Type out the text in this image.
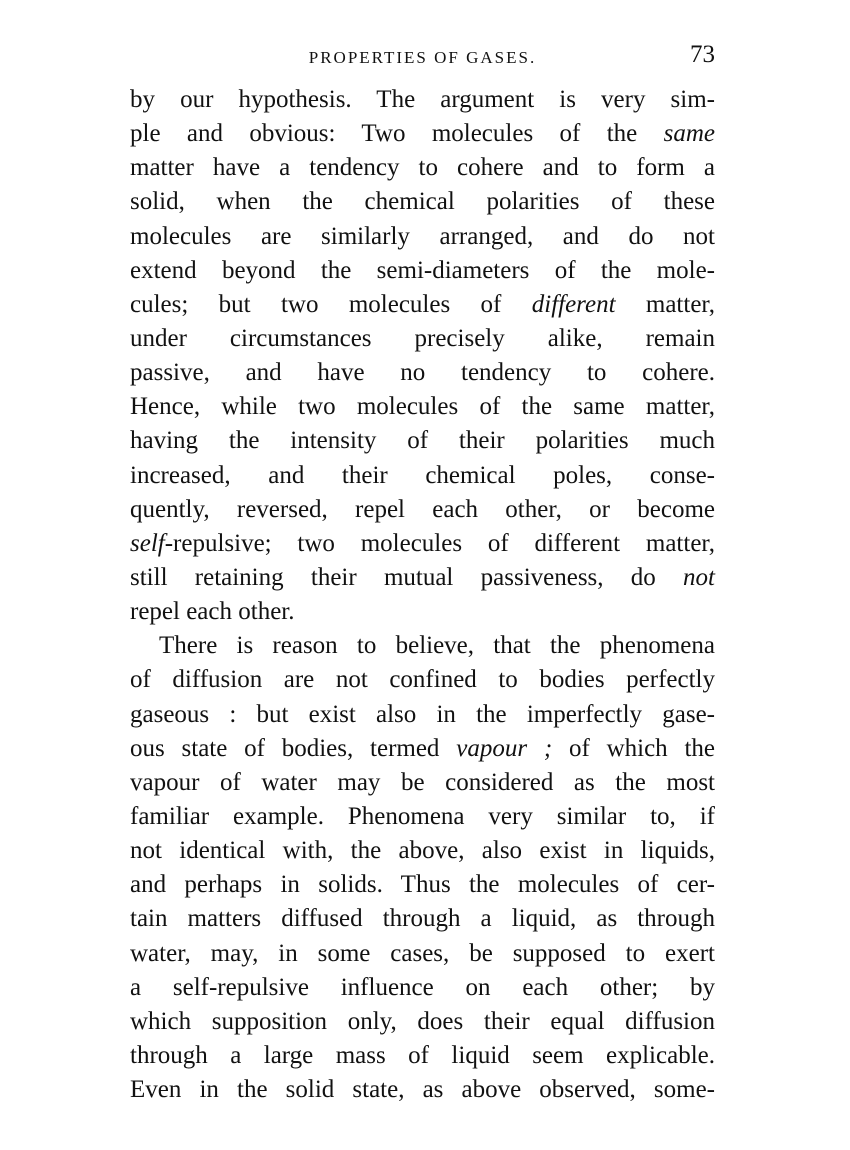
PROPERTIES OF GASES.	73
by our hypothesis. The argument is very sim-
ple and obvious: Two molecules of the same
matter have a tendency to cohere and to form a
solid, when the chemical polarities of these
molecules are similarly arranged, and do not
extend beyond the semi-diameters of the mole-
cules; but two molecules of different matter,
under circumstances precisely alike, remain
passive, and have no tendency to cohere.
Hence, while two molecules of the same matter,
having the intensity of their polarities much
increased, and their chemical poles, conse-
quently, reversed, repel each other, or become
self-repulsive; two molecules of different matter,
still retaining their mutual passiveness, do not
repel each other.
There is reason to believe, that the phenomena
of diffusion are not confined to bodies perfectly
gaseous : but exist also in the imperfectly gase-
ous state of bodies, termed vapour ; of which the
vapour of water may be considered as the most
familiar example. Phenomena very similar to, if
not identical with, the above, also exist in liquids,
and perhaps in solids. Thus the molecules of cer-
tain matters diffused through a liquid, as through
water, may, in some cases, be supposed to exert
a self-repulsive influence on each other; by
which supposition only, does their equal diffusion
through a large mass of liquid seem explicable.
Even in the solid state, as above observed, some-
